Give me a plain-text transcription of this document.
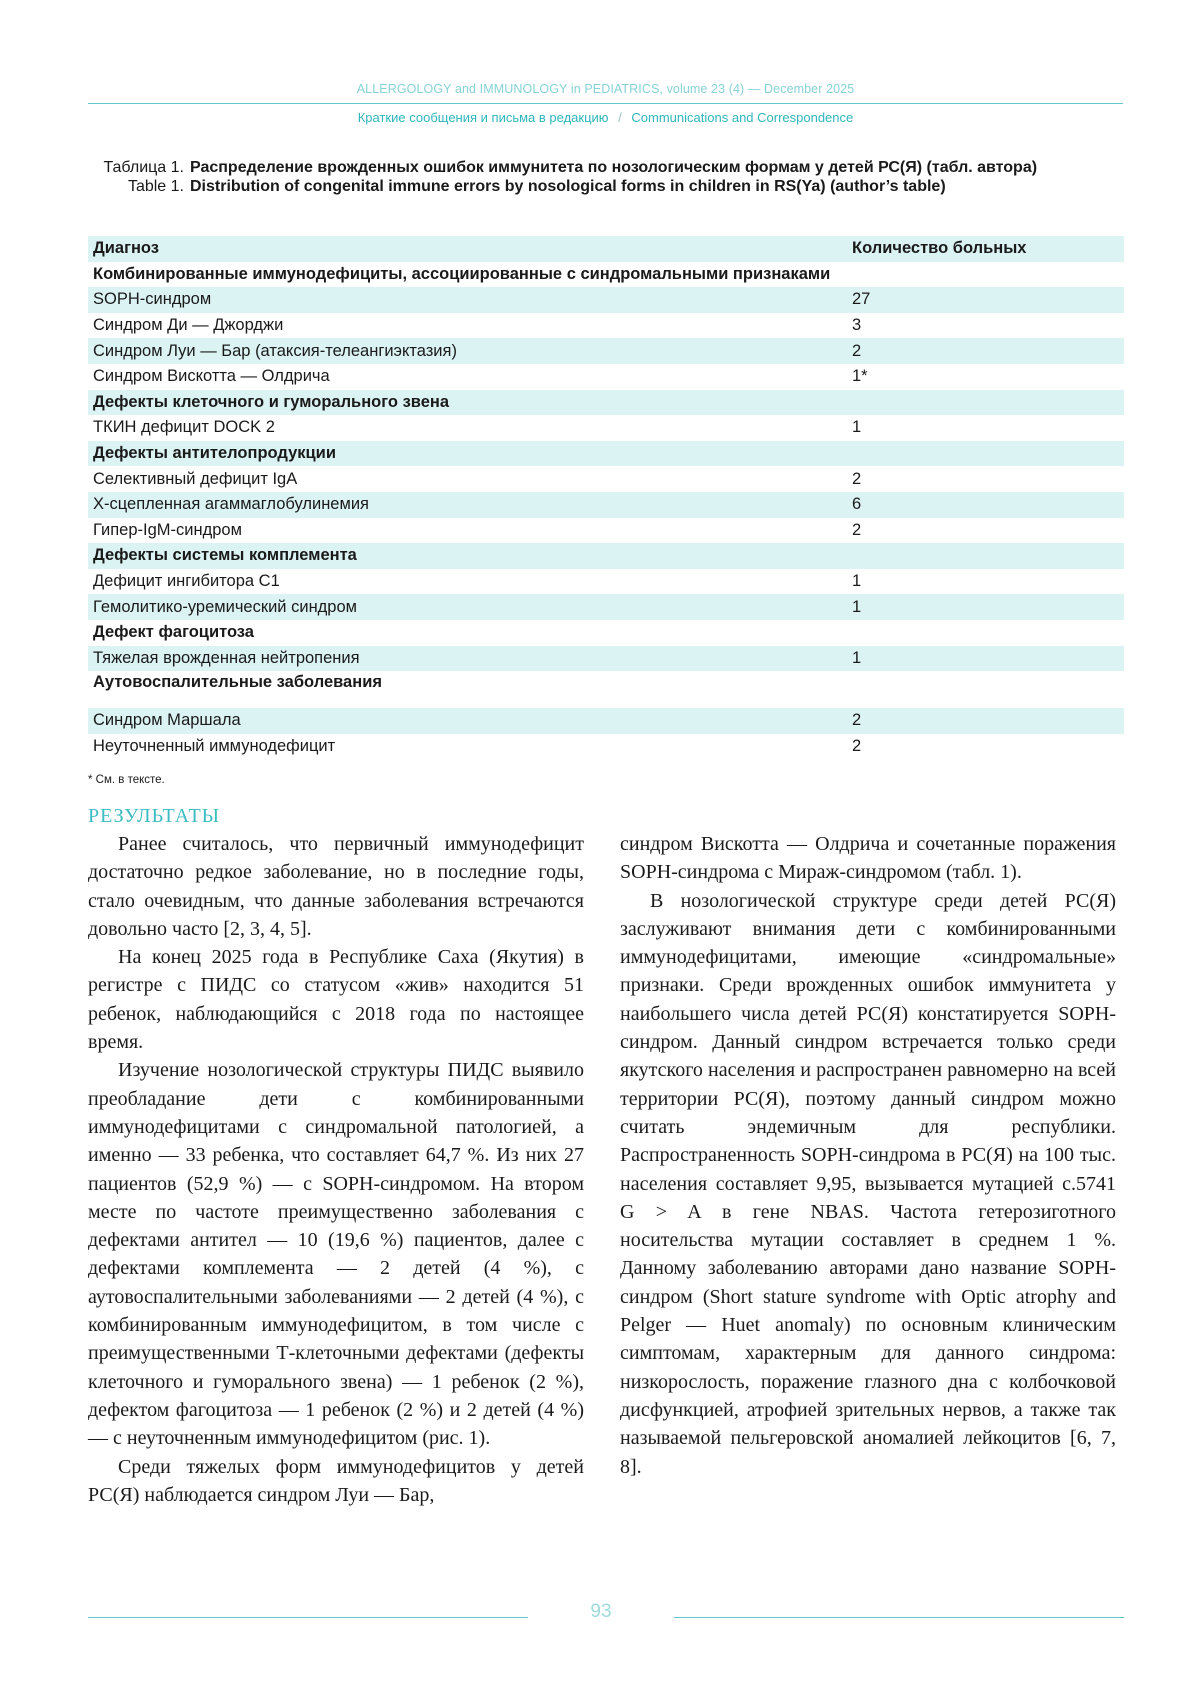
ALLERGOLOGY and IMMUNOLOGY in PEDIATRICS, volume 23 (4) — December 2025
Краткие сообщения и письма в редакцию / Communications and Correspondence
Таблица 1. Распределение врожденных ошибок иммунитета по нозологическим формам у детей РС(Я) (табл. автора)
Table 1. Distribution of congenital immune errors by nosological forms in children in RS(Ya) (author’s table)
Диагноз	Количество больных
Комбинированные иммунодефициты, ассоциированные с синдромальными признаками	
SOPH-синдром	27
Синдром Ди — Джорджи	3
Синдром Луи — Бар (атаксия-телеангиэктазия)	2
Синдром Вискотта — Олдрича	1*
Дефекты клеточного и гуморального звена	
ТКИН дефицит DOCK 2	1
Дефекты антителопродукции	
Селективный дефицит IgA	2
Х-сцепленная агаммаглобулинемия	6
Гипер-IgM-синдром	2
Дефекты системы комплемента	
Дефицит ингибитора С1	1
Гемолитико-уремический синдром	1
Дефект фагоцитоза	
Тяжелая врожденная нейтропения	1
Аутовоспалительные заболевания	
Синдром Маршала	2
Неуточненный иммунодефицит	2
* См. в тексте.
РЕЗУЛЬТАТЫ

Ранее считалось, что первичный иммунодефицит достаточно редкое заболевание, но в последние годы, стало очевидным, что данные заболевания встречаются довольно часто [2, 3, 4, 5].

На конец 2025 года в Республике Саха (Якутия) в регистре с ПИДС со статусом «жив» находится 51 ребенок, наблюдающийся с 2018 года по настоящее время.

Изучение нозологической структуры ПИДС выявило преобладание дети с комбинированными иммунодефицитами с синдромальной патологией, а именно — 33 ребенка, что составляет 64,7 %. Из них 27 пациентов (52,9 %) — с SOPH-синдромом. На втором месте по частоте преимущественно заболевания с дефектами антител — 10 (19,6 %) пациентов, далее с дефектами комплемента — 2 детей (4 %), с аутовоспалительными заболеваниями — 2 детей (4 %), с комбинированным иммунодефицитом, в том числе с преимущественными Т-клеточными дефектами (дефекты клеточного и гуморального звена) — 1 ребенок (2 %), дефектом фагоцитоза — 1 ребенок (2 %) и 2 детей (4 %) — с неуточненным иммунодефицитом (рис. 1).

Среди тяжелых форм иммунодефицитов у детей РС(Я) наблюдается синдром Луи — Бар,

синдром Вискотта — Олдрича и сочетанные поражения SOPH-синдрома с Мираж-синдромом (табл. 1).

В нозологической структуре среди детей РС(Я) заслуживают внимания дети с комбинированными иммунодефицитами, имеющие «синдромальные» признаки. Среди врожденных ошибок иммунитета у наибольшего числа детей РС(Я) констатируется SOPH-синдром. Данный синдром встречается только среди якутского населения и распространен равномерно на всей территории РС(Я), поэтому данный синдром можно считать эндемичным для республики. Распространенность SOPH-синдрома в РС(Я) на 100 тыс. населения составляет 9,95, вызывается мутацией с.5741 G > A в гене NBAS. Частота гетерозиготного носительства мутации составляет в среднем 1 %. Данному заболеванию авторами дано название SOPH-синдром (Short stature syndrome with Optic atrophy and Pelger — Huet anomaly) по основным клиническим симптомам, характерным для данного синдрома: низкорослость, поражение глазного дна с колбочковой дисфункцией, атрофией зрительных нервов, а также так называемой пельгеровской аномалией лейкоцитов [6, 7, 8].

93
